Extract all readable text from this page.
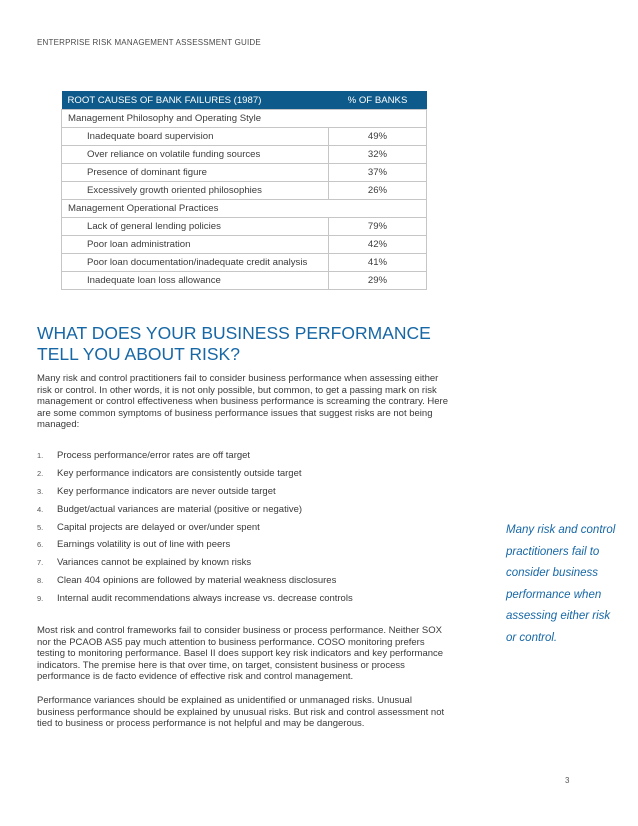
ENTERPRISE RISK MANAGEMENT ASSESSMENT GUIDE
ROOT CAUSES OF BANK FAILURES (1987)	% OF BANKS
Management Philosophy and Operating Style	
Inadequate board supervision	49%
Over reliance on volatile funding sources	32%
Presence of dominant figure	37%
Excessively growth oriented philosophies	26%
Management Operational Practices	
Lack of general lending policies	79%
Poor loan administration	42%
Poor loan documentation/inadequate credit analysis	41%
Inadequate loan loss allowance	29%
WHAT DOES YOUR BUSINESS PERFORMANCE TELL YOU ABOUT RISK?

Many risk and control practitioners fail to consider business performance when assessing either risk or control. In other words, it is not only possible, but common, to get a passing mark on risk management or control effectiveness when business performance is screaming the contrary. Here are some common symptoms of business performance issues that suggest risks are not being managed:

1.	Process performance/error rates are off target
2.	Key performance indicators are consistently outside target
3.	Key performance indicators are never outside target
4.	Budget/actual variances are material (positive or negative)
5.	Capital projects are delayed or over/under spent
6.	Earnings volatility is out of line with peers
7.	Variances cannot be explained by known risks
8.	Clean 404 opinions are followed by material weakness disclosures
9.	Internal audit recommendations always increase vs. decrease controls

Most risk and control frameworks fail to consider business or process performance. Neither SOX nor the PCAOB AS5 pay much attention to business performance. COSO monitoring prefers testing to monitoring performance. Basel II does support key risk indicators and key performance indicators. The premise here is that over time, on target, consistent business or process performance is de facto evidence of effective risk and control management.

Performance variances should be explained as unidentified or unmanaged risks. Unusual business performance should be explained by unusual risks. But risk and control assessment not tied to business or process performance is not helpful and may be dangerous.

Many risk and control practitioners fail to consider business performance when assessing either risk or control.

3
